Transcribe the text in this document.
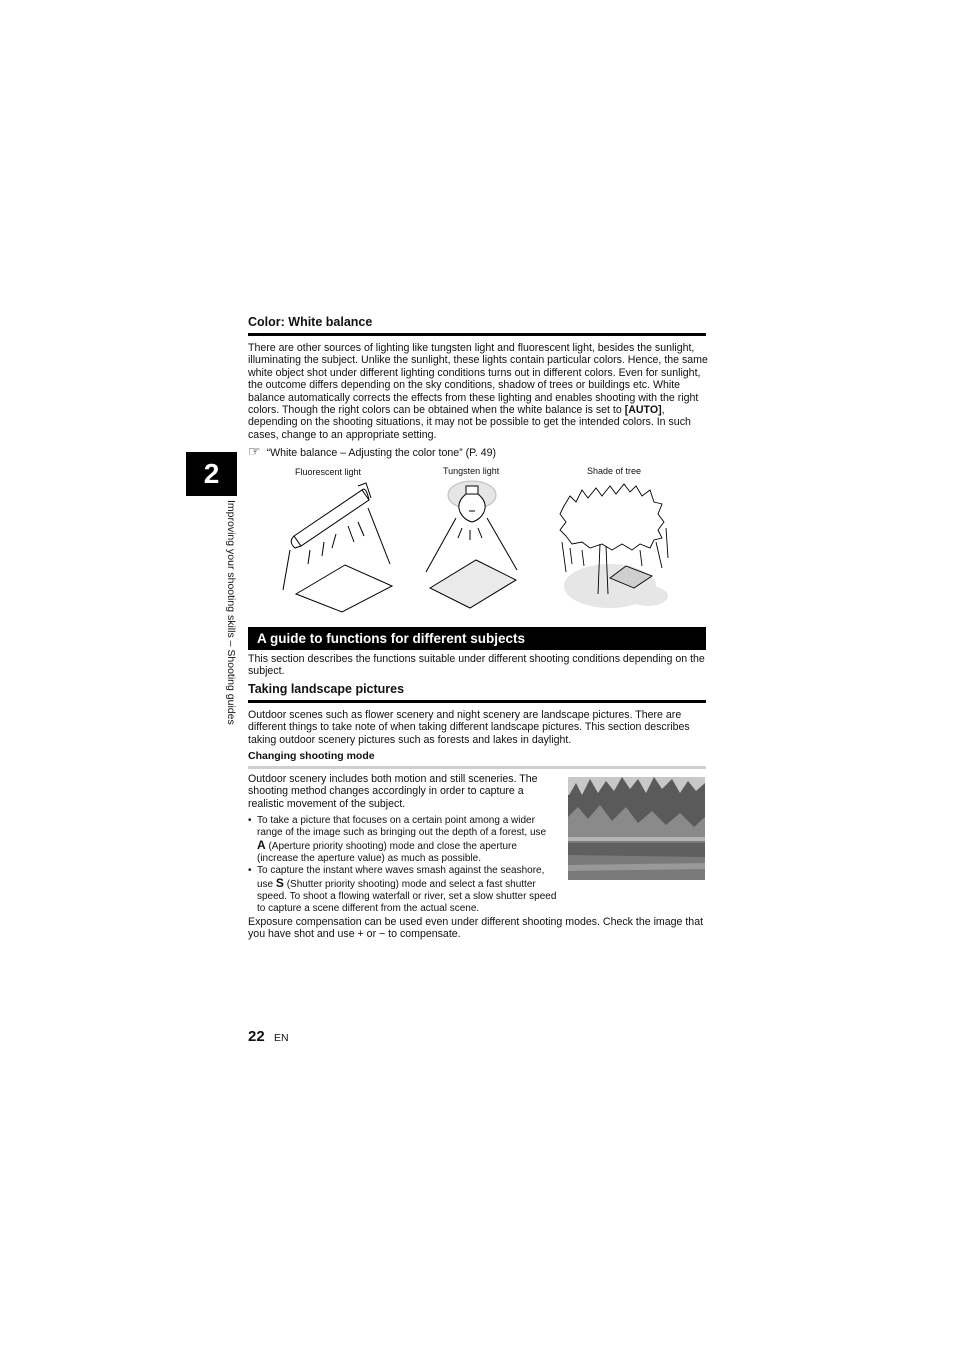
2
Improving your shooting skills – Shooting guides
Color: White balance
There are other sources of lighting like tungsten light and fluorescent light, besides the sunlight, illuminating the subject. Unlike the sunlight, these lights contain particular colors. Hence, the same white object shot under different lighting conditions turns out in different colors. Even for sunlight, the outcome differs depending on the sky conditions, shadow of trees or buildings etc. White balance automatically corrects the effects from these lighting and enables shooting with the right colors. Though the right colors can be obtained when the white balance is set to [AUTO], depending on the shooting situations, it may not be possible to get the intended colors. In such cases, change to an appropriate setting.
☞ “White balance – Adjusting the color tone” (P. 49)
Fluorescent light	Tungsten light	Shade of tree
A guide to functions for different subjects
This section describes the functions suitable under different shooting conditions depending on the subject.
Taking landscape pictures
Outdoor scenes such as flower scenery and night scenery are landscape pictures. There are different things to take note of when taking different landscape pictures. This section describes taking outdoor scenery pictures such as forests and lakes in daylight.
Changing shooting mode
Outdoor scenery includes both motion and still sceneries. The shooting method changes accordingly in order to capture a realistic movement of the subject.
• To take a picture that focuses on a certain point among a wider range of the image such as bringing out the depth of a forest, use
A (Aperture priority shooting) mode and close the aperture (increase the aperture value) as much as possible.
• To capture the instant where waves smash against the seashore, use S (Shutter priority shooting) mode and select a fast shutter speed. To shoot a flowing waterfall or river, set a slow shutter speed to capture a scene different from the actual scene.
Exposure compensation can be used even under different shooting modes. Check the image that you have shot and use + or − to compensate.
22 EN
